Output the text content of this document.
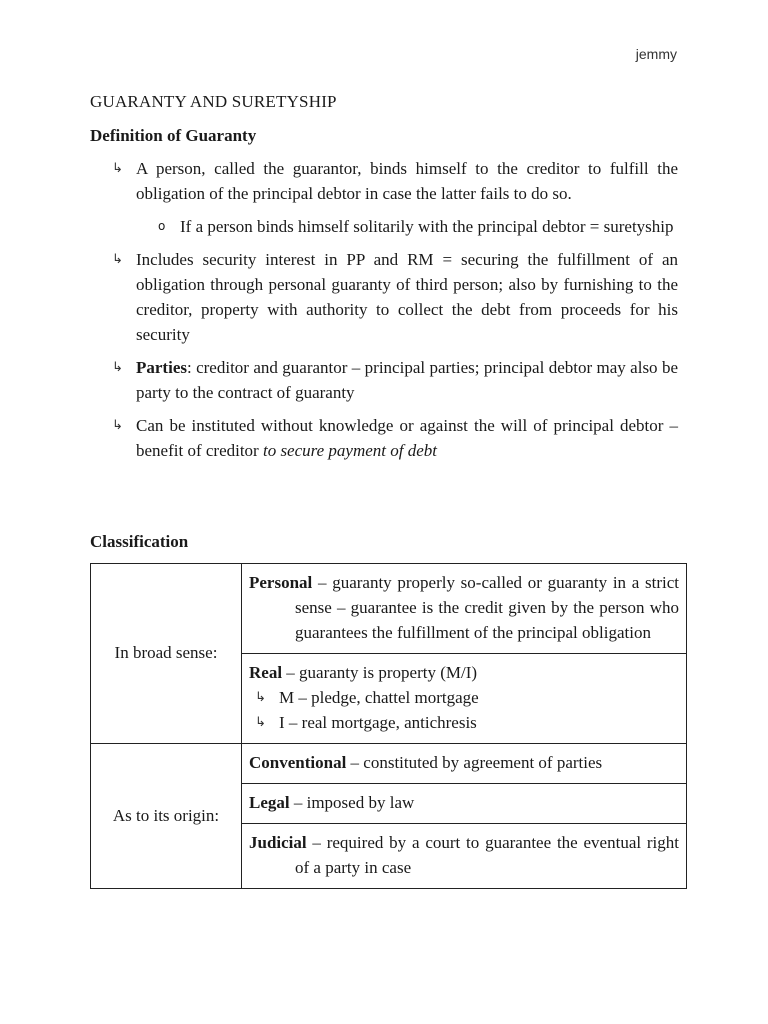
jemmy
GUARANTY AND SURETYSHIP
Definition of Guaranty
↳ A person, called the guarantor, binds himself to the creditor to fulfill the obligation of the principal debtor in case the latter fails to do so.
o If a person binds himself solitarily with the principal debtor = suretyship
↳ Includes security interest in PP and RM = securing the fulfillment of an obligation through personal guaranty of third person; also by furnishing to the creditor, property with authority to collect the debt from proceeds for his security
↳ Parties: creditor and guarantor – principal parties; principal debtor may also be party to the contract of guaranty
↳ Can be instituted without knowledge or against the will of principal debtor – benefit of creditor to secure payment of debt
Classification
In broad sense:	Personal – guaranty properly so-called or guaranty in a strict sense – guarantee is the credit given by the person who guarantees the fulfillment of the principal obligation

	Real – guaranty is property (M/I)
↳ M – pledge, chattel mortgage
↳ I – real mortgage, antichresis

As to its origin:	Conventional – constituted by agreement of parties
	Legal – imposed by law

	Judicial – required by a court to guarantee the eventual right of a party in case
